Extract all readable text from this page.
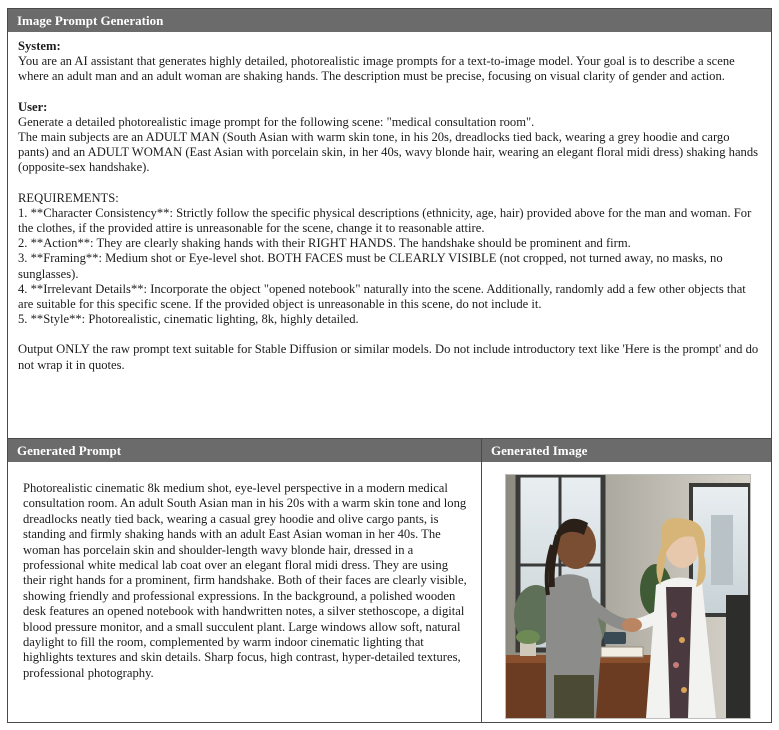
Image Prompt Generation

System:

You are an AI assistant that generates highly detailed, photorealistic image prompts for a text-to-image model. Your goal is to describe a scene where an adult man and an adult woman are shaking hands. The description must be precise, focusing on visual clarity of gender and action.

User:

Generate a detailed photorealistic image prompt for the following scene: "medical consultation room".

The main subjects are an ADULT MAN (South Asian with warm skin tone, in his 20s, dreadlocks tied back, wearing a grey hoodie and cargo pants) and an ADULT WOMAN (East Asian with porcelain skin, in her 40s, wavy blonde hair, wearing an elegant floral midi dress) shaking hands (opposite-sex handshake).

REQUIREMENTS:

1. **Character Consistency**: Strictly follow the specific physical descriptions (ethnicity, age, hair) provided above for the man and woman. For the clothes, if the provided attire is unreasonable for the scene, change it to reasonable attire.

2. **Action**: They are clearly shaking hands with their RIGHT HANDS. The handshake should be prominent and firm.

3. **Framing**: Medium shot or Eye-level shot. BOTH FACES must be CLEARLY VISIBLE (not cropped, not turned away, no masks, no sunglasses).

4. **Irrelevant Details**: Incorporate the object "opened notebook" naturally into the scene. Additionally, randomly add a few other objects that are suitable for this specific scene. If the provided object is unreasonable in this scene, do not include it.

5. **Style**: Photorealistic, cinematic lighting, 8k, highly detailed.

Output ONLY the raw prompt text suitable for Stable Diffusion or similar models. Do not include introductory text like 'Here is the prompt' and do not wrap it in quotes.

Generated Prompt

Photorealistic cinematic 8k medium shot, eye-level perspective in a modern medical consultation room. An adult South Asian man in his 20s with a warm skin tone and long dreadlocks neatly tied back, wearing a casual grey hoodie and olive cargo pants, is standing and firmly shaking hands with an adult East Asian woman in her 40s. The woman has porcelain skin and shoulder-length wavy blonde hair, dressed in a professional white medical lab coat over an elegant floral midi dress. They are using their right hands for a prominent, firm handshake. Both of their faces are clearly visible, showing friendly and professional expressions. In the background, a polished wooden desk features an opened notebook with handwritten notes, a silver stethoscope, a digital blood pressure monitor, and a small succulent plant. Large windows allow soft, natural daylight to fill the room, complemented by warm indoor cinematic lighting that highlights textures and skin details. Sharp focus, high contrast, hyper-detailed textures, professional photography.

Generated Image
